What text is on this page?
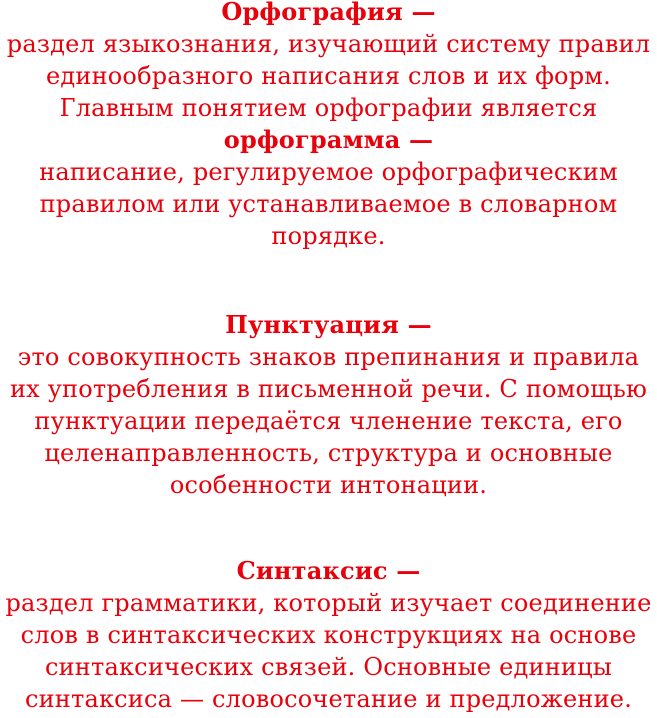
Орфография —
раздел языкознания, изучающий систему правил
единообразного написания слов и их форм.
Главным понятием орфографии является
орфограмма —
написание, регулируемое орфографическим
правилом или устанавливаемое в словарном
порядке.
Пунктуация —
это совокупность знаков препинания и правила
их употребления в письменной речи. С помощью
пунктуации передаётся членение текста, его
целенаправленность, структура и основные
особенности интонации.
Синтаксис —
раздел грамматики, который изучает соединение
слов в синтаксических конструкциях на основе
синтаксических связей. Основные единицы
синтаксиса — словосочетание и предложение.
